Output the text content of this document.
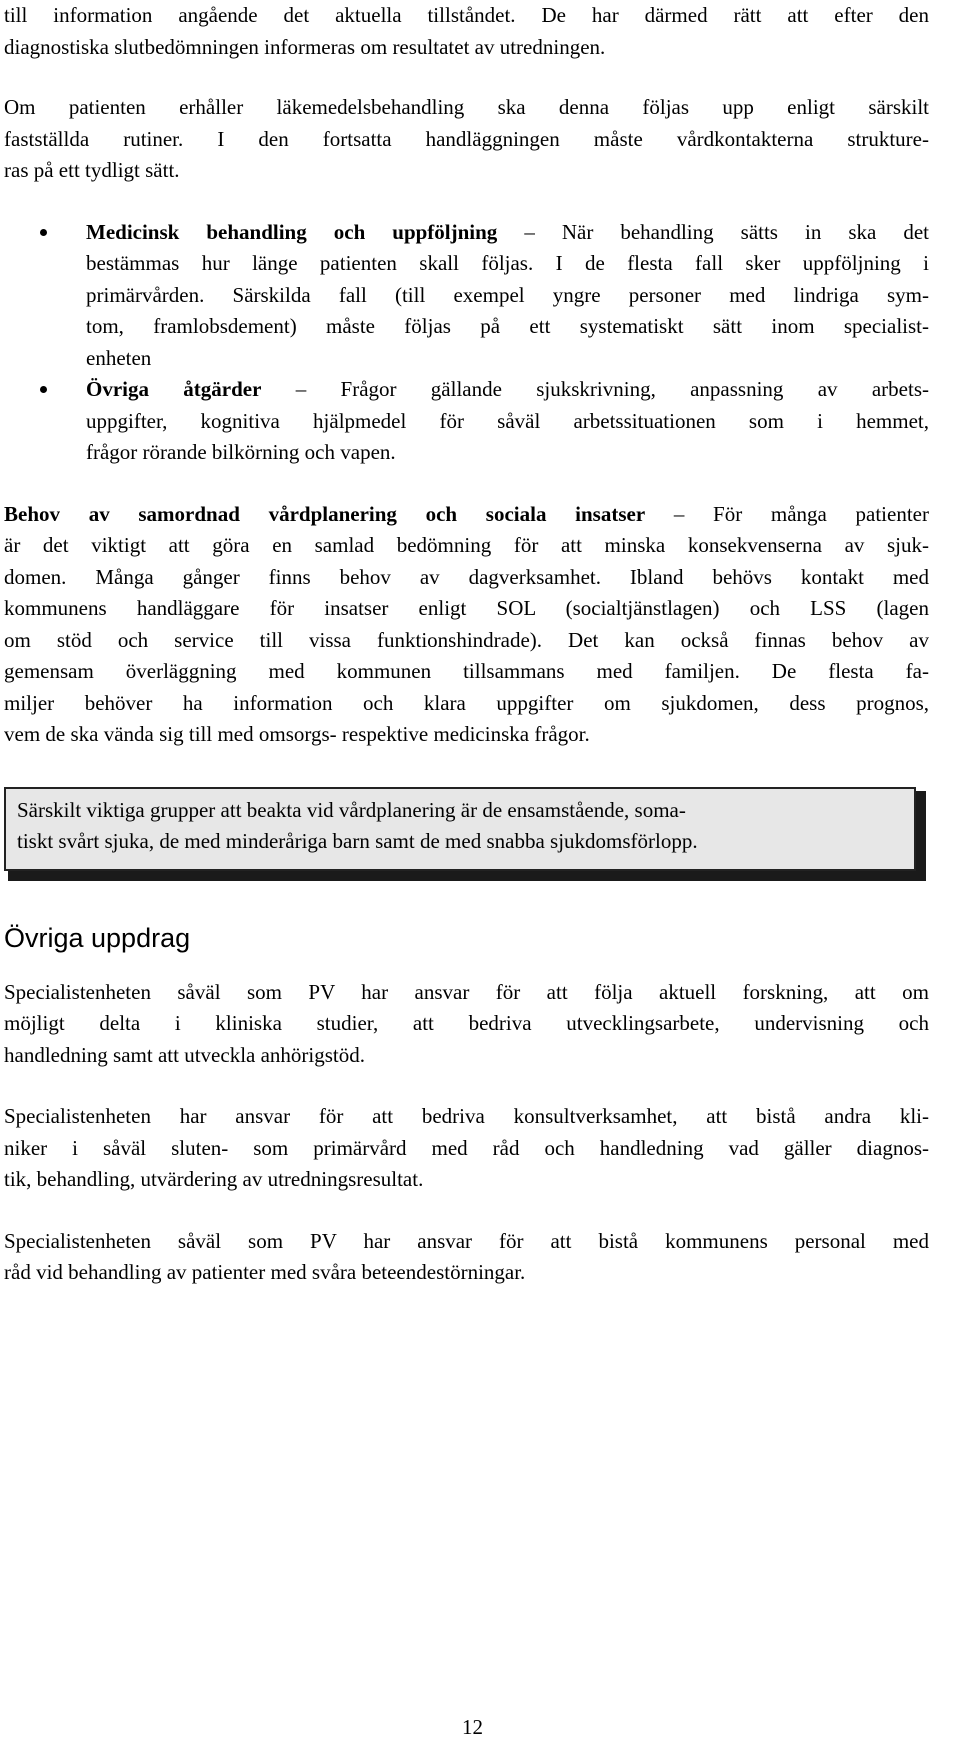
till information angående det aktuella tillståndet. De har därmed rätt att efter den
diagnostiska slutbedömningen informeras om resultatet av utredningen.

Om patienten erhåller läkemedelsbehandling ska denna följas upp enligt särskilt
fastställda rutiner. I den fortsatta handläggningen måste vårdkontakterna strukture-
ras på ett tydligt sätt.

Medicinsk behandling och uppföljning – När behandling sätts in ska det
bestämmas hur länge patienten skall följas. I de flesta fall sker uppföljning i
primärvården. Särskilda fall (till exempel yngre personer med lindriga sym-
tom, framlobsdement) måste följas på ett systematiskt sätt inom specialist-
enheten
Övriga åtgärder – Frågor gällande sjukskrivning, anpassning av arbets-
uppgifter, kognitiva hjälpmedel för såväl arbetssituationen som i hemmet,
frågor rörande bilkörning och vapen.

Behov av samordnad vårdplanering och sociala insatser – För många patienter
är det viktigt att göra en samlad bedömning för att minska konsekvenserna av sjuk-
domen. Många gånger finns behov av dagverksamhet. Ibland behövs kontakt med
kommunens handläggare för insatser enligt SOL (socialtjänstlagen) och LSS (lagen
om stöd och service till vissa funktionshindrade). Det kan också finnas behov av
gemensam överläggning med kommunen tillsammans med familjen. De flesta fa-
miljer behöver ha information och klara uppgifter om sjukdomen, dess prognos,
vem de ska vända sig till med omsorgs- respektive medicinska frågor.

Särskilt viktiga grupper att beakta vid vårdplanering är de ensamstående, soma-
tiskt svårt sjuka, de med minderåriga barn samt de med snabba sjukdomsförlopp.
Övriga uppdrag

Specialistenheten såväl som PV har ansvar för att följa aktuell forskning, att om
möjligt delta i kliniska studier, att bedriva utvecklingsarbete, undervisning och
handledning samt att utveckla anhörigstöd.

Specialistenheten har ansvar för att bedriva konsultverksamhet, att bistå andra kli-
niker i såväl sluten- som primärvård med råd och handledning vad gäller diagnos-
tik, behandling, utvärdering av utredningsresultat.

Specialistenheten såväl som PV har ansvar för att bistå kommunens personal med
råd vid behandling av patienter med svåra beteendestörningar.

12
